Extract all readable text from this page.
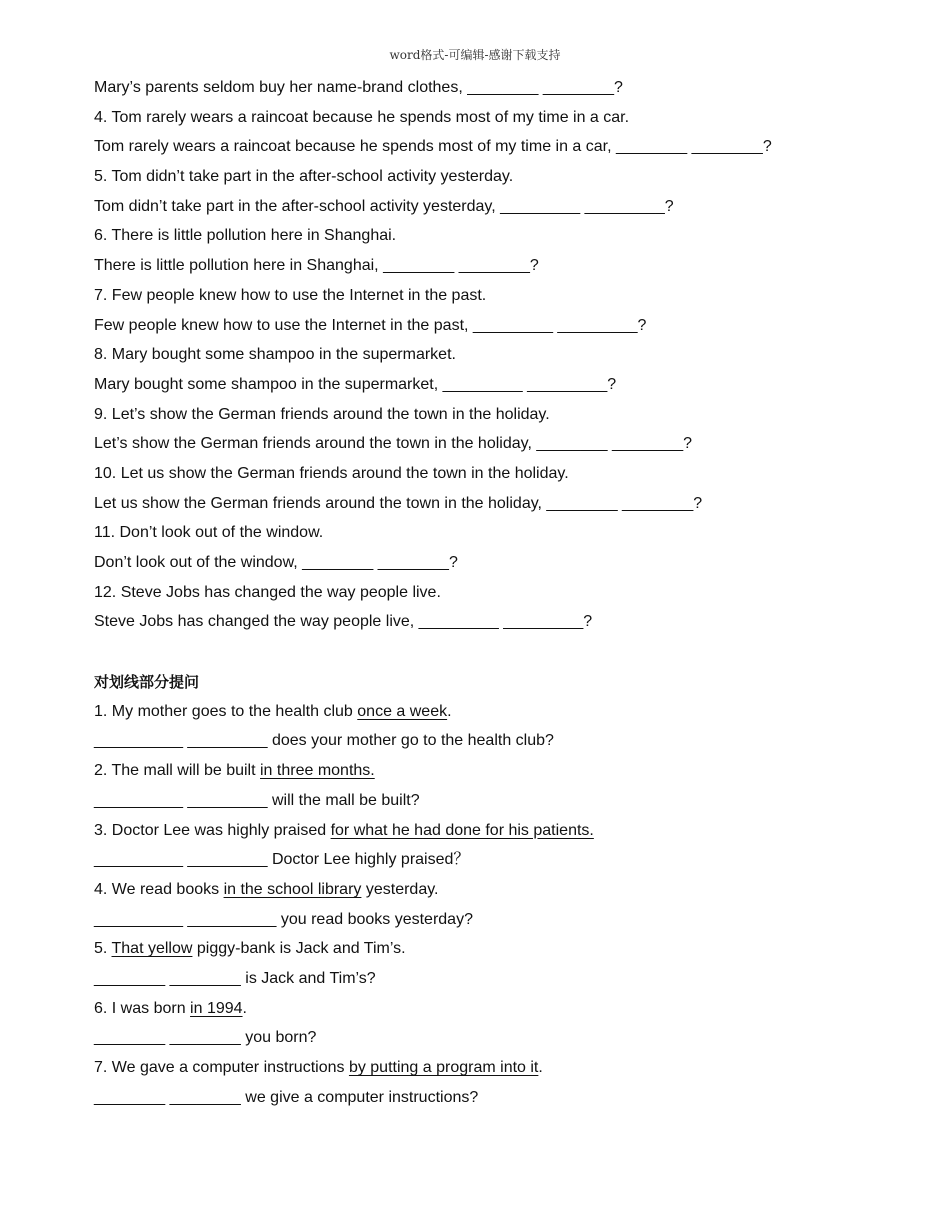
word格式-可编辑-感谢下载支持
Mary’s parents seldom buy her name-brand clothes, ________ ________?
4. Tom rarely wears a raincoat because he spends most of my time in a car.
Tom rarely wears a raincoat because he spends most of my time in a car, ________ ________?
5. Tom didn’t take part in the after-school activity yesterday.
Tom didn’t take part in the after-school activity yesterday, _________ _________?
6. There is little pollution here in Shanghai.
There is little pollution here in Shanghai, ________ ________?
7. Few people knew how to use the Internet in the past.
Few people knew how to use the Internet in the past, _________ _________?
8. Mary bought some shampoo in the supermarket.
Mary bought some shampoo in the supermarket, _________ _________?
9. Let’s show the German friends around the town in the holiday.
Let’s show the German friends around the town in the holiday, ________ ________?
10. Let us show the German friends around the town in the holiday.
Let us show the German friends around the town in the holiday, ________ ________?
11. Don’t look out of the window.
Don’t look out of the window, ________ ________?
12. Steve Jobs has changed the way people live.
Steve Jobs has changed the way people live, _________ _________?
对划线部分提问
1. My mother goes to the health club once a week.
__________ _________ does your mother go to the health club?
2. The mall will be built in three months.
__________ _________ will the mall be built?
3. Doctor Lee was highly praised for what he had done for his patients.
__________ _________ Doctor Lee highly praised？
4. We read books in the school library yesterday.
__________ __________ you read books yesterday?
5. That yellow piggy-bank is Jack and Tim’s.
________ ________ is Jack and Tim’s?
6. I was born in 1994.
________ ________ you born?
7. We gave a computer instructions by putting a program into it.
________ ________ we give a computer instructions?
